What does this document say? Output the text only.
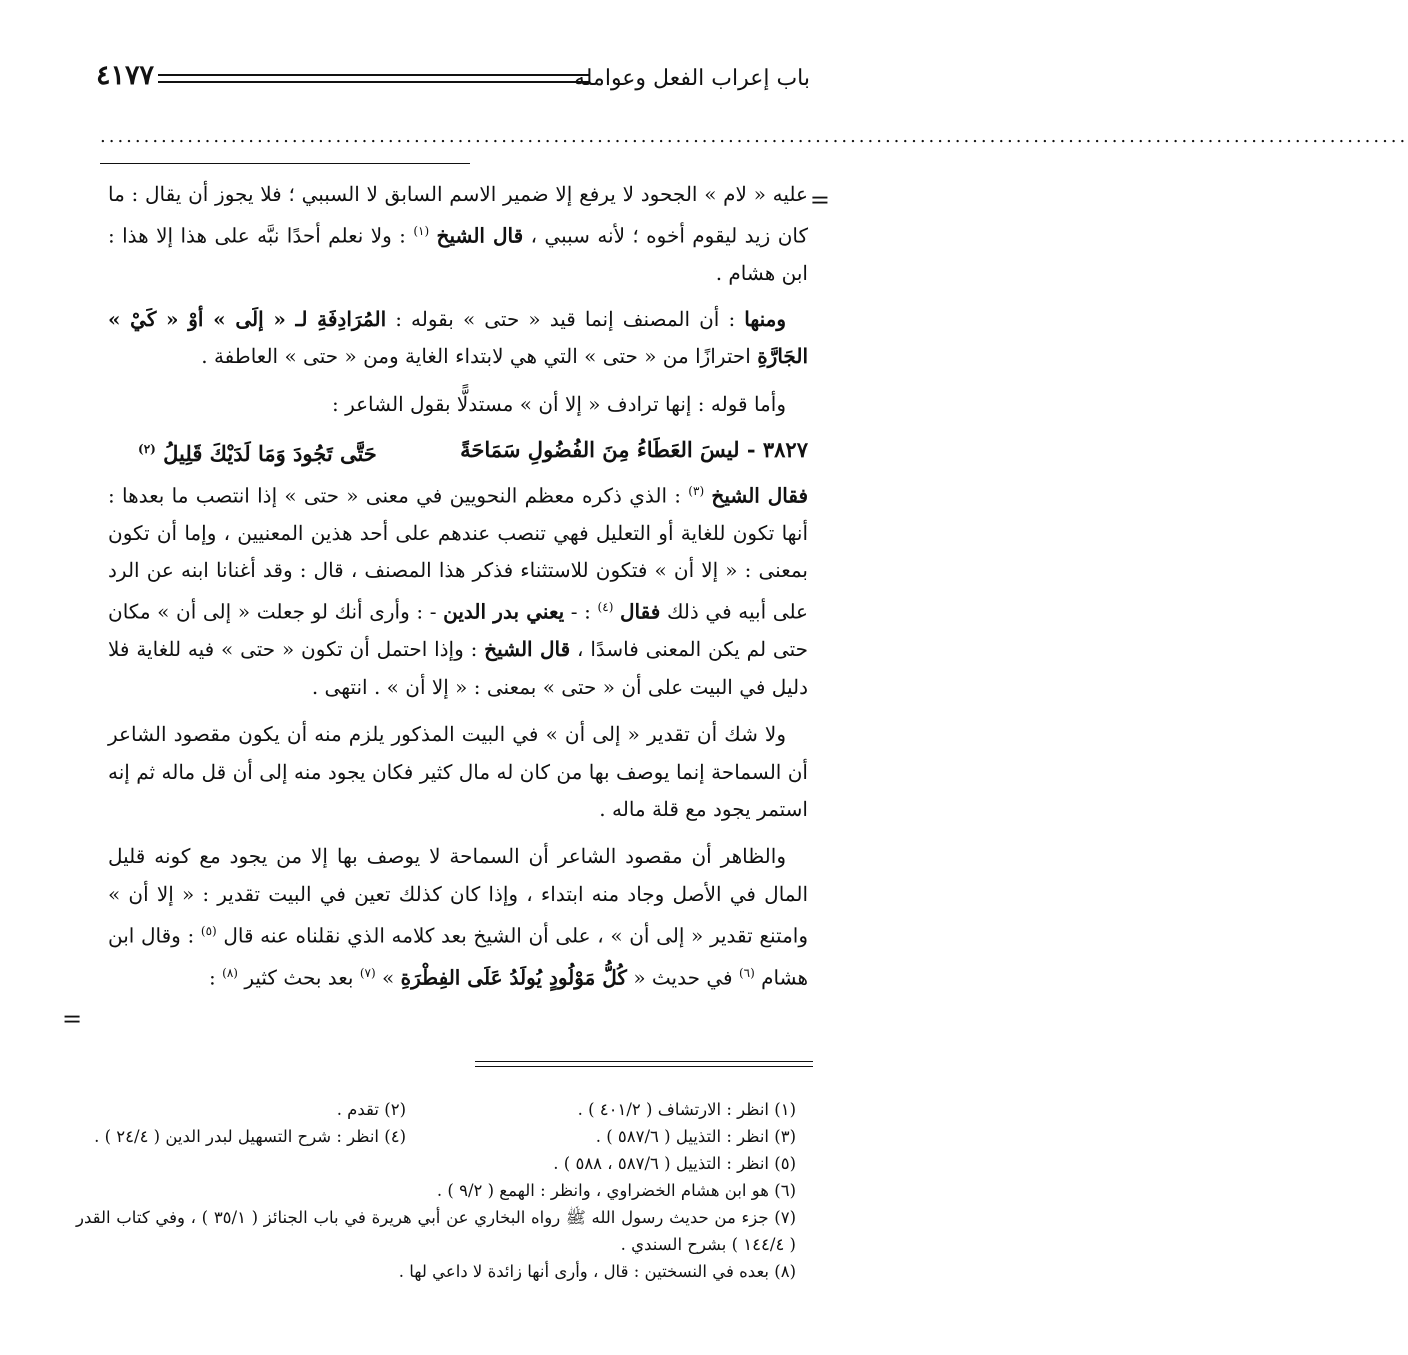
باب إعراب الفعل وعوامله
٤١٧٧
......................................................................................................................................................
=

عليه « لام » الجحود لا يرفع إلا ضمير الاسم السابق لا السببي ؛ فلا يجوز أن يقال : ما كان زيد ليقوم أخوه ؛ لأنه سببي ، قال الشيخ $^{(١)}$ : ولا نعلم أحدًا نبَّه على هذا إلا هذا : ابن هشام .

ومنها : أن المصنف إنما قيد « حتى » بقوله : المُرَادِفَةِ لـ « إلَى » أوْ « كَيْ » الجَارَّةِ احترازًا من « حتى » التي هي لابتداء الغاية ومن « حتى » العاطفة .

وأما قوله : إنها ترادف « إلا أن » مستدلًّا بقول الشاعر :

٣٨٢٧ - ليسَ العَطَاءُ مِنَ الفُضُولِ سَمَاحَةً
حَتَّى تَجُودَ وَمَا لَدَيْكَ قَلِيلُ $^{(٢)}$

فقال الشيخ $^{(٣)}$ : الذي ذكره معظم النحويين في معنى « حتى » إذا انتصب ما بعدها : أنها تكون للغاية أو التعليل فهي تنصب عندهم على أحد هذين المعنيين ، وإما أن تكون بمعنى : « إلا أن » فتكون للاستثناء فذكر هذا المصنف ، قال : وقد أغنانا ابنه عن الرد على أبيه في ذلك فقال $^{(٤)}$ : - يعني بدر الدين - : وأرى أنك لو جعلت « إلى أن » مكان حتى لم يكن المعنى فاسدًا ، قال الشيخ : وإذا احتمل أن تكون « حتى » فيه للغاية فلا دليل في البيت على أن « حتى » بمعنى : « إلا أن » . انتهى .

ولا شك أن تقدير « إلى أن » في البيت المذكور يلزم منه أن يكون مقصود الشاعر أن السماحة إنما يوصف بها من كان له مال كثير فكان يجود منه إلى أن قل ماله ثم إنه استمر يجود مع قلة ماله .

والظاهر أن مقصود الشاعر أن السماحة لا يوصف بها إلا من يجود مع كونه قليل المال في الأصل وجاد منه ابتداء ، وإذا كان كذلك تعين في البيت تقدير : « إلا أن » وامتنع تقدير « إلى أن » ، على أن الشيخ بعد كلامه الذي نقلناه عنه قال $^{(٥)}$ : وقال ابن هشام $^{(٦)}$ في حديث « كُلُّ مَوْلُودٍ يُولَدُ عَلَى الفِطْرَةِ » $^{(٧)}$ بعد بحث كثير $^{(٨)}$ :

=
(١) انظر : الارتشاف ( ٤٠١/٢ ) .
(٢) تقدم .
(٣) انظر : التذييل ( ٥٨٧/٦ ) .
(٤) انظر : شرح التسهيل لبدر الدين ( ٢٤/٤ ) .
(٥) انظر : التذييل ( ٥٨٧/٦ ، ٥٨٨ ) .
(٦) هو ابن هشام الخضراوي ، وانظر : الهمع ( ٩/٢ ) .
(٧) جزء من حديث رسول الله ﷺ رواه البخاري عن أبي هريرة في باب الجنائز ( ٣٥/١ ) ، وفي كتاب القدر ( ١٤٤/٤ ) بشرح السندي .
(٨) بعده في النسختين : قال ، وأرى أنها زائدة لا داعي لها .
